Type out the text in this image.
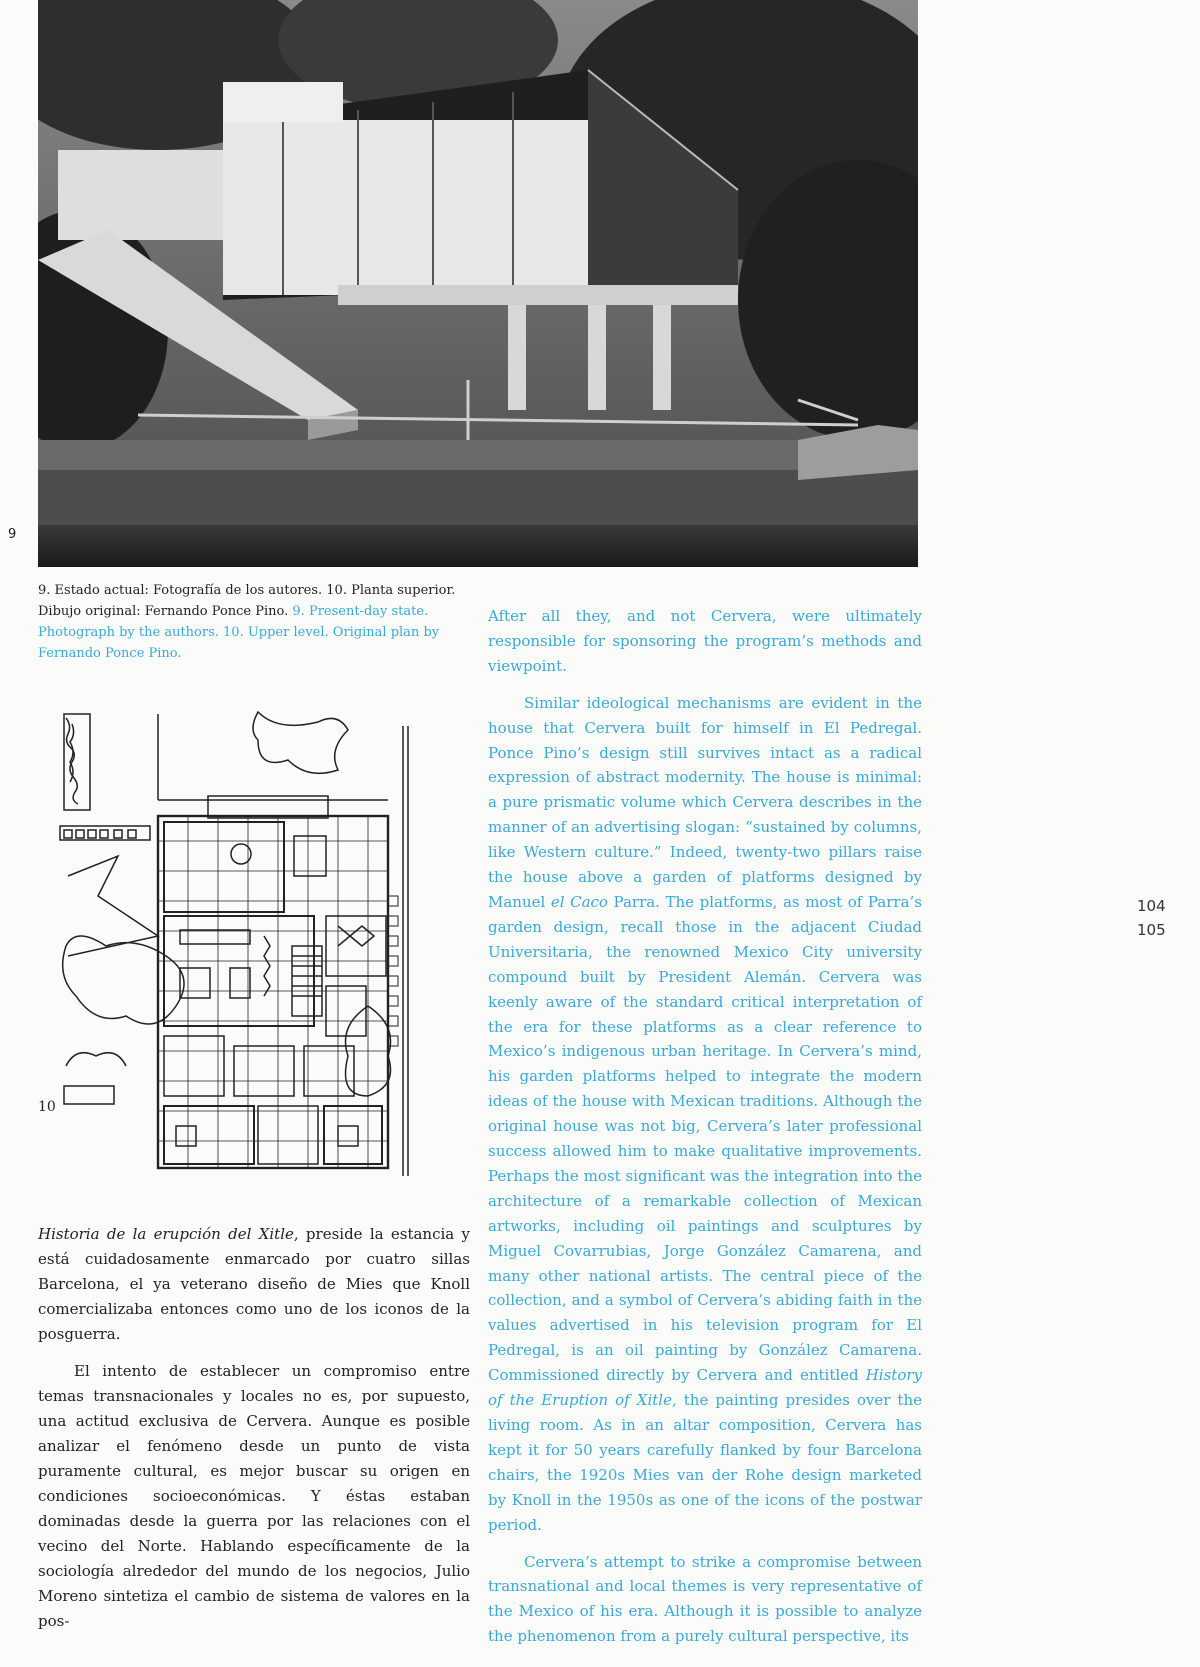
9
9. Estado actual: Fotografía de los autores. 10. Planta superior. Dibujo original: Fernando Ponce Pino. 9. Present-day state. Photograph by the authors. 10. Upper level. Original plan by Fernando Ponce Pino.
10

Historia de la erupción del Xitle, preside la estancia y está cuidadosamente enmarcado por cuatro sillas Barcelona, el ya veterano diseño de Mies que Knoll comercializaba entonces como uno de los iconos de la posguerra.

El intento de establecer un compromiso entre temas transnacionales y locales no es, por supuesto, una actitud exclusiva de Cervera. Aunque es posible analizar el fenómeno desde un punto de vista puramente cultural, es mejor buscar su origen en condiciones socioeconómicas. Y éstas estaban dominadas desde la guerra por las relaciones con el vecino del Norte. Hablando específicamente de la sociología alrededor del mundo de los negocios, Julio Moreno sintetiza el cambio de sistema de valores en la pos-

After all they, and not Cervera, were ultimately responsible for sponsoring the program’s methods and viewpoint.

Similar ideological mechanisms are evident in the house that Cervera built for himself in El Pedregal. Ponce Pino’s design still survives intact as a radical expression of abstract modernity. The house is minimal: a pure prismatic volume which Cervera describes in the manner of an advertising slogan: “sustained by columns, like Western culture.” Indeed, twenty-two pillars raise the house above a garden of platforms designed by Manuel el Caco Parra. The platforms, as most of Parra’s garden design, recall those in the adjacent Ciudad Universitaria, the renowned Mexico City university compound built by President Alemán. Cervera was keenly aware of the standard critical interpretation of the era for these platforms as a clear reference to Mexico’s indigenous urban heritage. In Cervera’s mind, his garden platforms helped to integrate the modern ideas of the house with Mexican traditions. Although the original house was not big, Cervera’s later professional success allowed him to make qualitative improvements. Perhaps the most significant was the integration into the architecture of a remarkable collection of Mexican artworks, including oil paintings and sculptures by Miguel Covarrubias, Jorge González Camarena, and many other national artists. The central piece of the collection, and a symbol of Cervera’s abiding faith in the values advertised in his television program for El Pedregal, is an oil painting by González Camarena. Commissioned directly by Cervera and entitled History of the Eruption of Xitle, the painting presides over the living room. As in an altar composition, Cervera has kept it for 50 years carefully flanked by four Barcelona chairs, the 1920s Mies van der Rohe design marketed by Knoll in the 1950s as one of the icons of the postwar period.

Cervera’s attempt to strike a compromise between transnational and local themes is very representative of the Mexico of his era. Although it is possible to analyze the phenomenon from a purely cultural perspective, its

104
105
